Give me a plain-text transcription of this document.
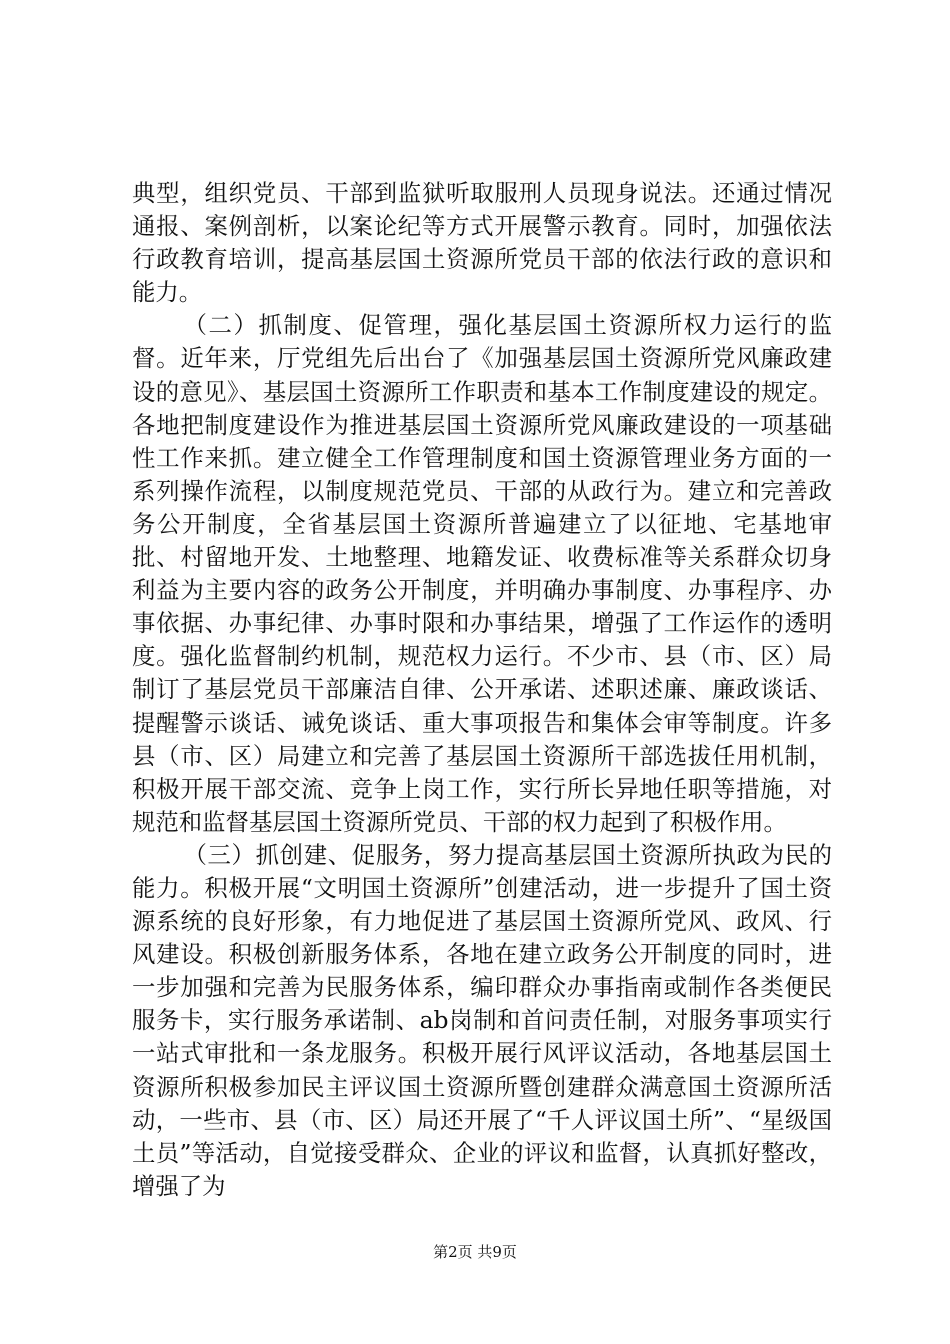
典型，组织党员、干部到监狱听取服刑人员现身说法。还通过情况通报、案例剖析，以案论纪等方式开展警示教育。同时，加强依法行政教育培训，提高基层国土资源所党员干部的依法行政的意识和能力。

（二）抓制度、促管理，强化基层国土资源所权力运行的监督。近年来，厅党组先后出台了《加强基层国土资源所党风廉政建设的意见》、基层国土资源所工作职责和基本工作制度建设的规定。各地把制度建设作为推进基层国土资源所党风廉政建设的一项基础性工作来抓。建立健全工作管理制度和国土资源管理业务方面的一系列操作流程，以制度规范党员、干部的从政行为。建立和完善政务公开制度，全省基层国土资源所普遍建立了以征地、宅基地审批、村留地开发、土地整理、地籍发证、收费标准等关系群众切身利益为主要内容的政务公开制度，并明确办事制度、办事程序、办事依据、办事纪律、办事时限和办事结果，增强了工作运作的透明度。强化监督制约机制，规范权力运行。不少市、县（市、区）局制订了基层党员干部廉洁自律、公开承诺、述职述廉、廉政谈话、提醒警示谈话、诫免谈话、重大事项报告和集体会审等制度。许多县（市、区）局建立和完善了基层国土资源所干部选拔任用机制，积极开展干部交流、竞争上岗工作，实行所长异地任职等措施，对规范和监督基层国土资源所党员、干部的权力起到了积极作用。

（三）抓创建、促服务，努力提高基层国土资源所执政为民的能力。积极开展“文明国土资源所”创建活动，进一步提升了国土资源系统的良好形象，有力地促进了基层国土资源所党风、政风、行风建设。积极创新服务体系，各地在建立政务公开制度的同时，进一步加强和完善为民服务体系，编印群众办事指南或制作各类便民服务卡，实行服务承诺制、ab岗制和首问责任制，对服务事项实行一站式审批和一条龙服务。积极开展行风评议活动，各地基层国土资源所积极参加民主评议国土资源所暨创建群众满意国土资源所活动，一些市、县（市、区）局还开展了“千人评议国土所”、“星级国土员”等活动，自觉接受群众、企业的评议和监督，认真抓好整改，增强了为

第2页 共9页
